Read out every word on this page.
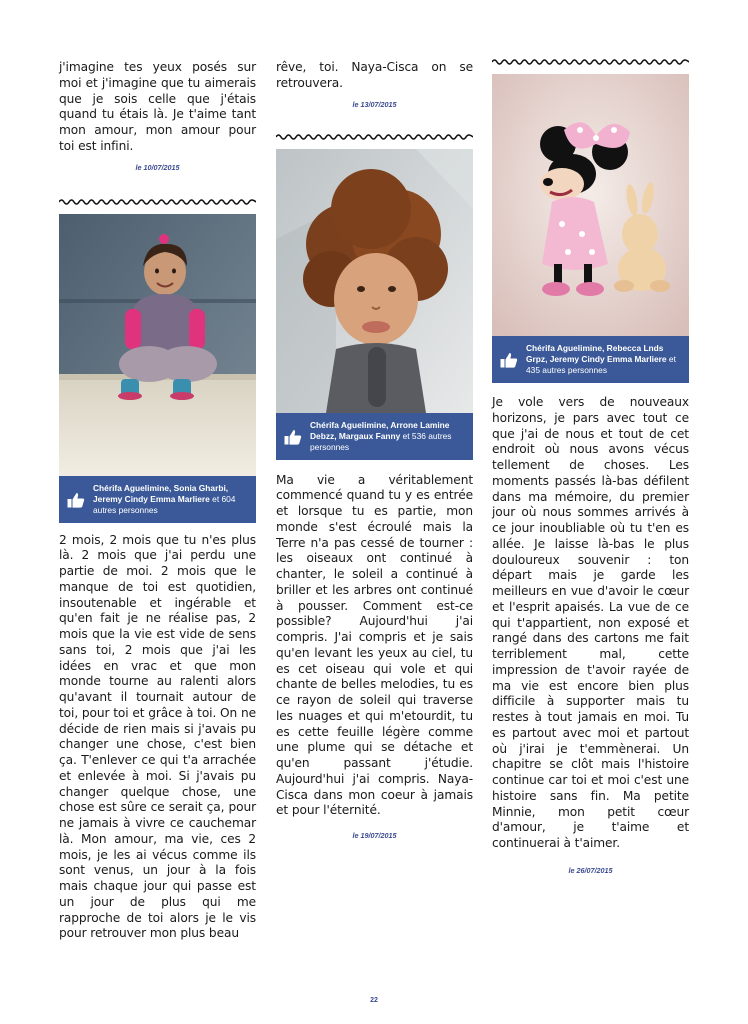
j'imagine tes yeux posés sur moi et j'imagine que tu aimerais que je sois celle que j'étais quand tu étais là. Je t'aime tant mon amour, mon amour pour toi est infini.

le 10/07/2015

Chérifa Aguelimine, Sonia Gharbi, Jeremy Cindy Emma Marliere et 604 autres personnes

2 mois, 2 mois que tu n'es plus là. 2 mois que j'ai perdu une partie de moi. 2 mois que le manque de toi est quotidien, insoutenable et ingérable et qu'en fait je ne réalise pas, 2 mois que la vie est vide de sens sans toi, 2 mois que j'ai les idées en vrac et que mon monde tourne au ralenti alors qu'avant il tournait autour de toi, pour toi et grâce à toi. On ne décide de rien mais si j'avais pu changer une chose, c'est bien ça. T'enlever ce qui t'a arrachée et enlevée à moi. Si j'avais pu changer quelque chose, une chose est sûre ce serait ça, pour ne jamais à vivre ce cauchemar là. Mon amour, ma vie, ces 2 mois, je les ai vécus comme ils sont venus, un jour à la fois mais chaque jour qui passe est un jour de plus qui me rapproche de toi alors je le vis pour retrouver mon plus beau

rêve, toi. Naya-Cisca on se retrouvera.

le 13/07/2015

Chérifa Aguelimine, Arrone Lamine Debzz, Margaux Fanny et 536 autres personnes

Ma vie a véritablement commencé quand tu y es entrée et lorsque tu es partie, mon monde s'est écroulé mais la Terre n'a pas cessé de tourner : les oiseaux ont continué à chanter, le soleil a continué à briller et les arbres ont continué à pousser. Comment est-ce possible? Aujourd'hui j'ai compris. J'ai compris et je sais qu'en levant les yeux au ciel, tu es cet oiseau qui vole et qui chante de belles melodies, tu es ce rayon de soleil qui traverse les nuages et qui m'etourdit, tu es cette feuille légère comme une plume qui se détache et qu'en passant j'étudie. Aujourd'hui j'ai compris. Naya-Cisca dans mon coeur à jamais et pour l'éternité.

le 19/07/2015

Chérifa Aguelimine, Rebecca Lnds Grpz, Jeremy Cindy Emma Marliere et 435 autres personnes

Je vole vers de nouveaux horizons, je pars avec tout ce que j'ai de nous et tout de cet endroit où nous avons vécus tellement de choses. Les moments passés là-bas défilent dans ma mémoire, du premier jour où nous sommes arrivés à ce jour inoubliable où tu t'en es allée. Je laisse là-bas le plus douloureux souvenir : ton départ mais je garde les meilleurs en vue d'avoir le cœur et l'esprit apaisés. La vue de ce qui t'appartient, non exposé et rangé dans des cartons me fait terriblement mal, cette impression de t'avoir rayée de ma vie est encore bien plus difficile à supporter mais tu restes à tout jamais en moi. Tu es partout avec moi et partout où j'irai je t'emmènerai. Un chapitre se clôt mais l'histoire continue car toi et moi c'est une histoire sans fin. Ma petite Minnie, mon petit cœur d'amour, je t'aime et continuerai à t'aimer.

le 26/07/2015

22
